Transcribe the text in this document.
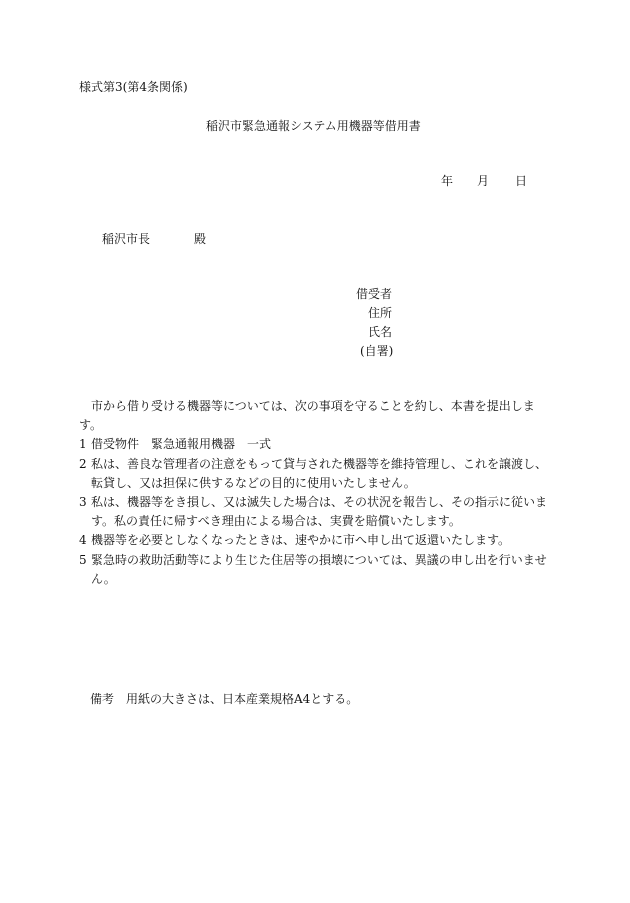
様式第3(第4条関係)
稲沢市緊急通報システム用機器等借用書
年 月 日
稲沢市長	殿
借受者
住所
氏名
(自署)

市から借り受ける機器等については、次の事項を守ることを約し、本書を提出します。

1 借受物件　緊急通報用機器　一式
2 私は、善良な管理者の注意をもって貸与された機器等を維持管理し、これを譲渡し、転貸し、又は担保に供するなどの目的に使用いたしません。
3 私は、機器等をき損し、又は滅失した場合は、その状況を報告し、その指示に従います。私の責任に帰すべき理由による場合は、実費を賠償いたします。
4 機器等を必要としなくなったときは、速やかに市へ申し出て返還いたします。
5 緊急時の救助活動等により生じた住居等の損壊については、異議の申し出を行いません。
備考　用紙の大きさは、日本産業規格A4とする。
